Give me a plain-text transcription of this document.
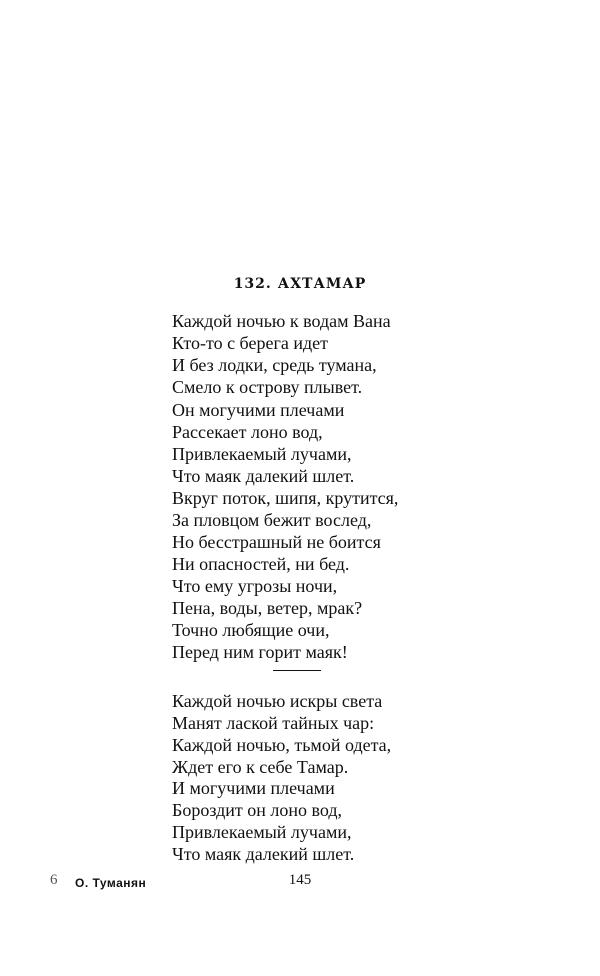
132. АХТАМАР
Каждой ночью к водам Вана
Кто-то с берега идет
И без лодки, средь тумана,
Смело к острову плывет.
Он могучими плечами
Рассекает лоно вод,
Привлекаемый лучами,
Что маяк далекий шлет.
Вкруг поток, шипя, крутится,
За пловцом бежит вослед,
Но бесстрашный не боится
Ни опасностей, ни бед.
Что ему угрозы ночи,
Пена, воды, ветер, мрак?
Точно любящие очи,
Перед ним горит маяк!
Каждой ночью искры света
Манят лаской тайных чар:
Каждой ночью, тьмой одета,
Ждет его к себе Тамар.
И могучими плечами
Бороздит он лоно вод,
Привлекаемый лучами,
Что маяк далекий шлет.
6 О. Туманян	145
